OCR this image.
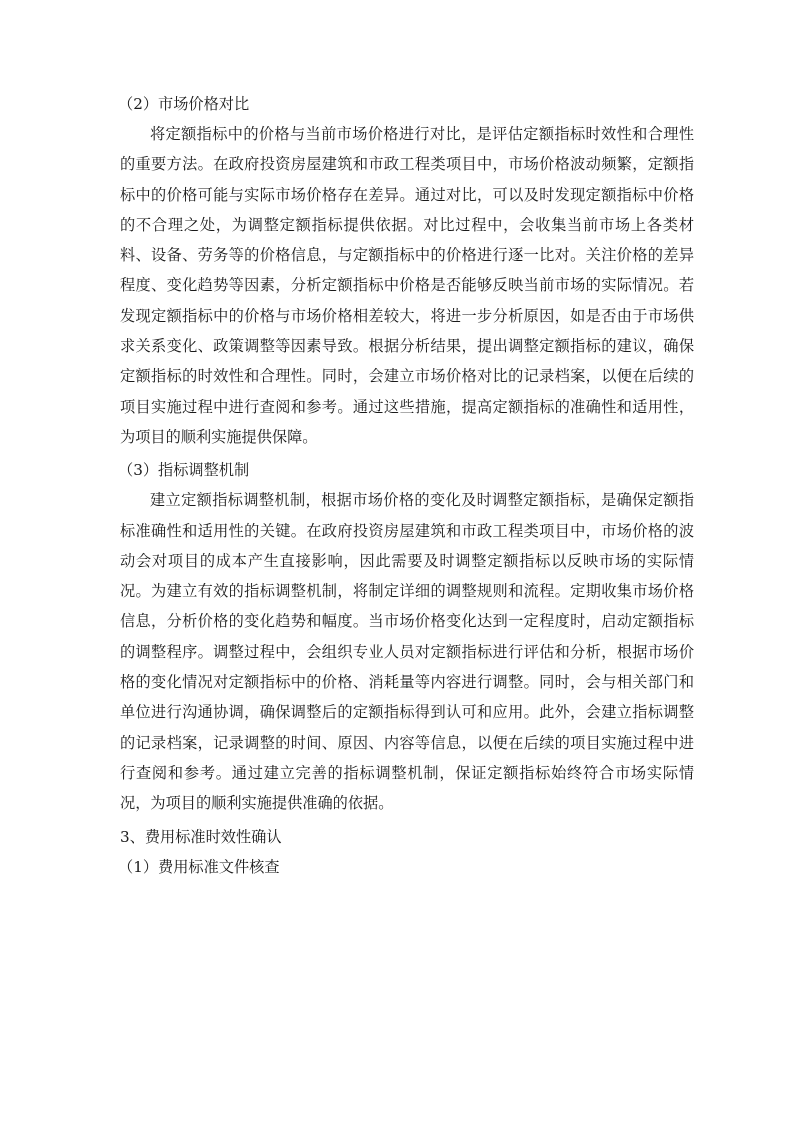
（2）市场价格对比

将定额指标中的价格与当前市场价格进行对比，是评估定额指标时效性和合理性的重要方法。在政府投资房屋建筑和市政工程类项目中，市场价格波动频繁，定额指标中的价格可能与实际市场价格存在差异。通过对比，可以及时发现定额指标中价格的不合理之处，为调整定额指标提供依据。对比过程中，会收集当前市场上各类材料、设备、劳务等的价格信息，与定额指标中的价格进行逐一比对。关注价格的差异程度、变化趋势等因素，分析定额指标中价格是否能够反映当前市场的实际情况。若发现定额指标中的价格与市场价格相差较大，将进一步分析原因，如是否由于市场供求关系变化、政策调整等因素导致。根据分析结果，提出调整定额指标的建议，确保定额指标的时效性和合理性。同时，会建立市场价格对比的记录档案，以便在后续的项目实施过程中进行查阅和参考。通过这些措施，提高定额指标的准确性和适用性，为项目的顺利实施提供保障。

（3）指标调整机制

建立定额指标调整机制，根据市场价格的变化及时调整定额指标，是确保定额指标准确性和适用性的关键。在政府投资房屋建筑和市政工程类项目中，市场价格的波动会对项目的成本产生直接影响，因此需要及时调整定额指标以反映市场的实际情况。为建立有效的指标调整机制，将制定详细的调整规则和流程。定期收集市场价格信息，分析价格的变化趋势和幅度。当市场价格变化达到一定程度时，启动定额指标的调整程序。调整过程中，会组织专业人员对定额指标进行评估和分析，根据市场价格的变化情况对定额指标中的价格、消耗量等内容进行调整。同时，会与相关部门和单位进行沟通协调，确保调整后的定额指标得到认可和应用。此外，会建立指标调整的记录档案，记录调整的时间、原因、内容等信息，以便在后续的项目实施过程中进行查阅和参考。通过建立完善的指标调整机制，保证定额指标始终符合市场实际情况，为项目的顺利实施提供准确的依据。

3、费用标准时效性确认

（1）费用标准文件核查
